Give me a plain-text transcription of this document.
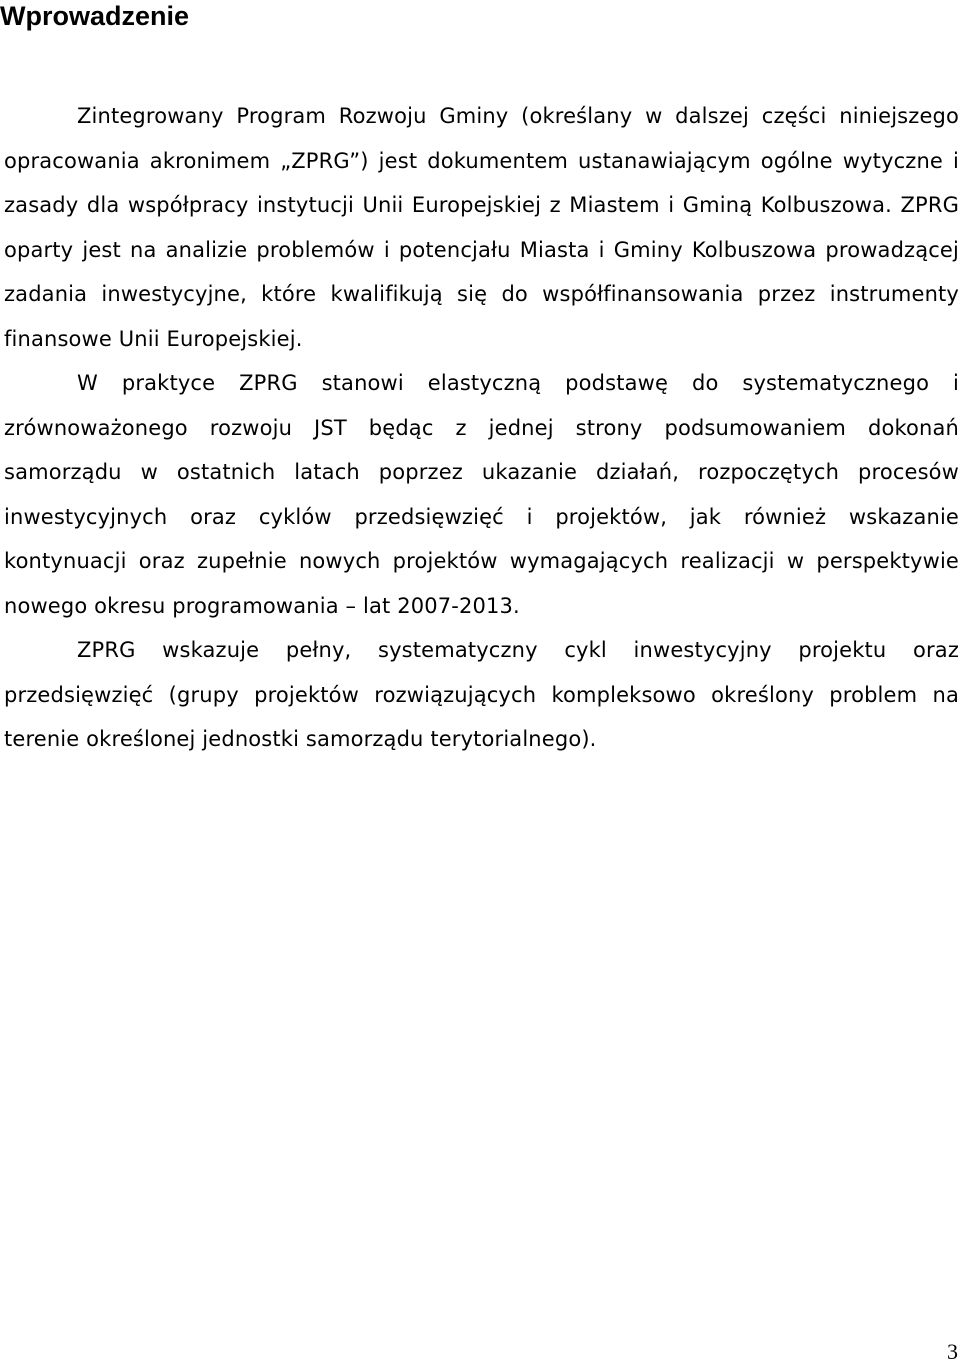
Wprowadzenie

Zintegrowany Program Rozwoju Gminy (określany w dalszej części niniejszego opracowania akronimem „ZPRG”) jest dokumentem ustanawiającym ogólne wytyczne i zasady dla współpracy instytucji Unii Europejskiej z Miastem i Gminą Kolbuszowa. ZPRG oparty jest na analizie problemów i potencjału Miasta i Gminy Kolbuszowa prowadzącej zadania inwestycyjne, które kwalifikują się do współfinansowania przez instrumenty finansowe Unii Europejskiej.

W praktyce ZPRG stanowi elastyczną podstawę do systematycznego i zrównoważonego rozwoju JST będąc z jednej strony podsumowaniem dokonań samorządu w ostatnich latach poprzez ukazanie działań, rozpoczętych procesów inwestycyjnych oraz cyklów przedsięwzięć i projektów, jak również wskazanie kontynuacji oraz zupełnie nowych projektów wymagających realizacji w perspektywie nowego okresu programowania – lat 2007-2013.

ZPRG wskazuje pełny, systematyczny cykl inwestycyjny projektu oraz przedsięwzięć (grupy projektów rozwiązujących kompleksowo określony problem na terenie określonej jednostki samorządu terytorialnego).

3
